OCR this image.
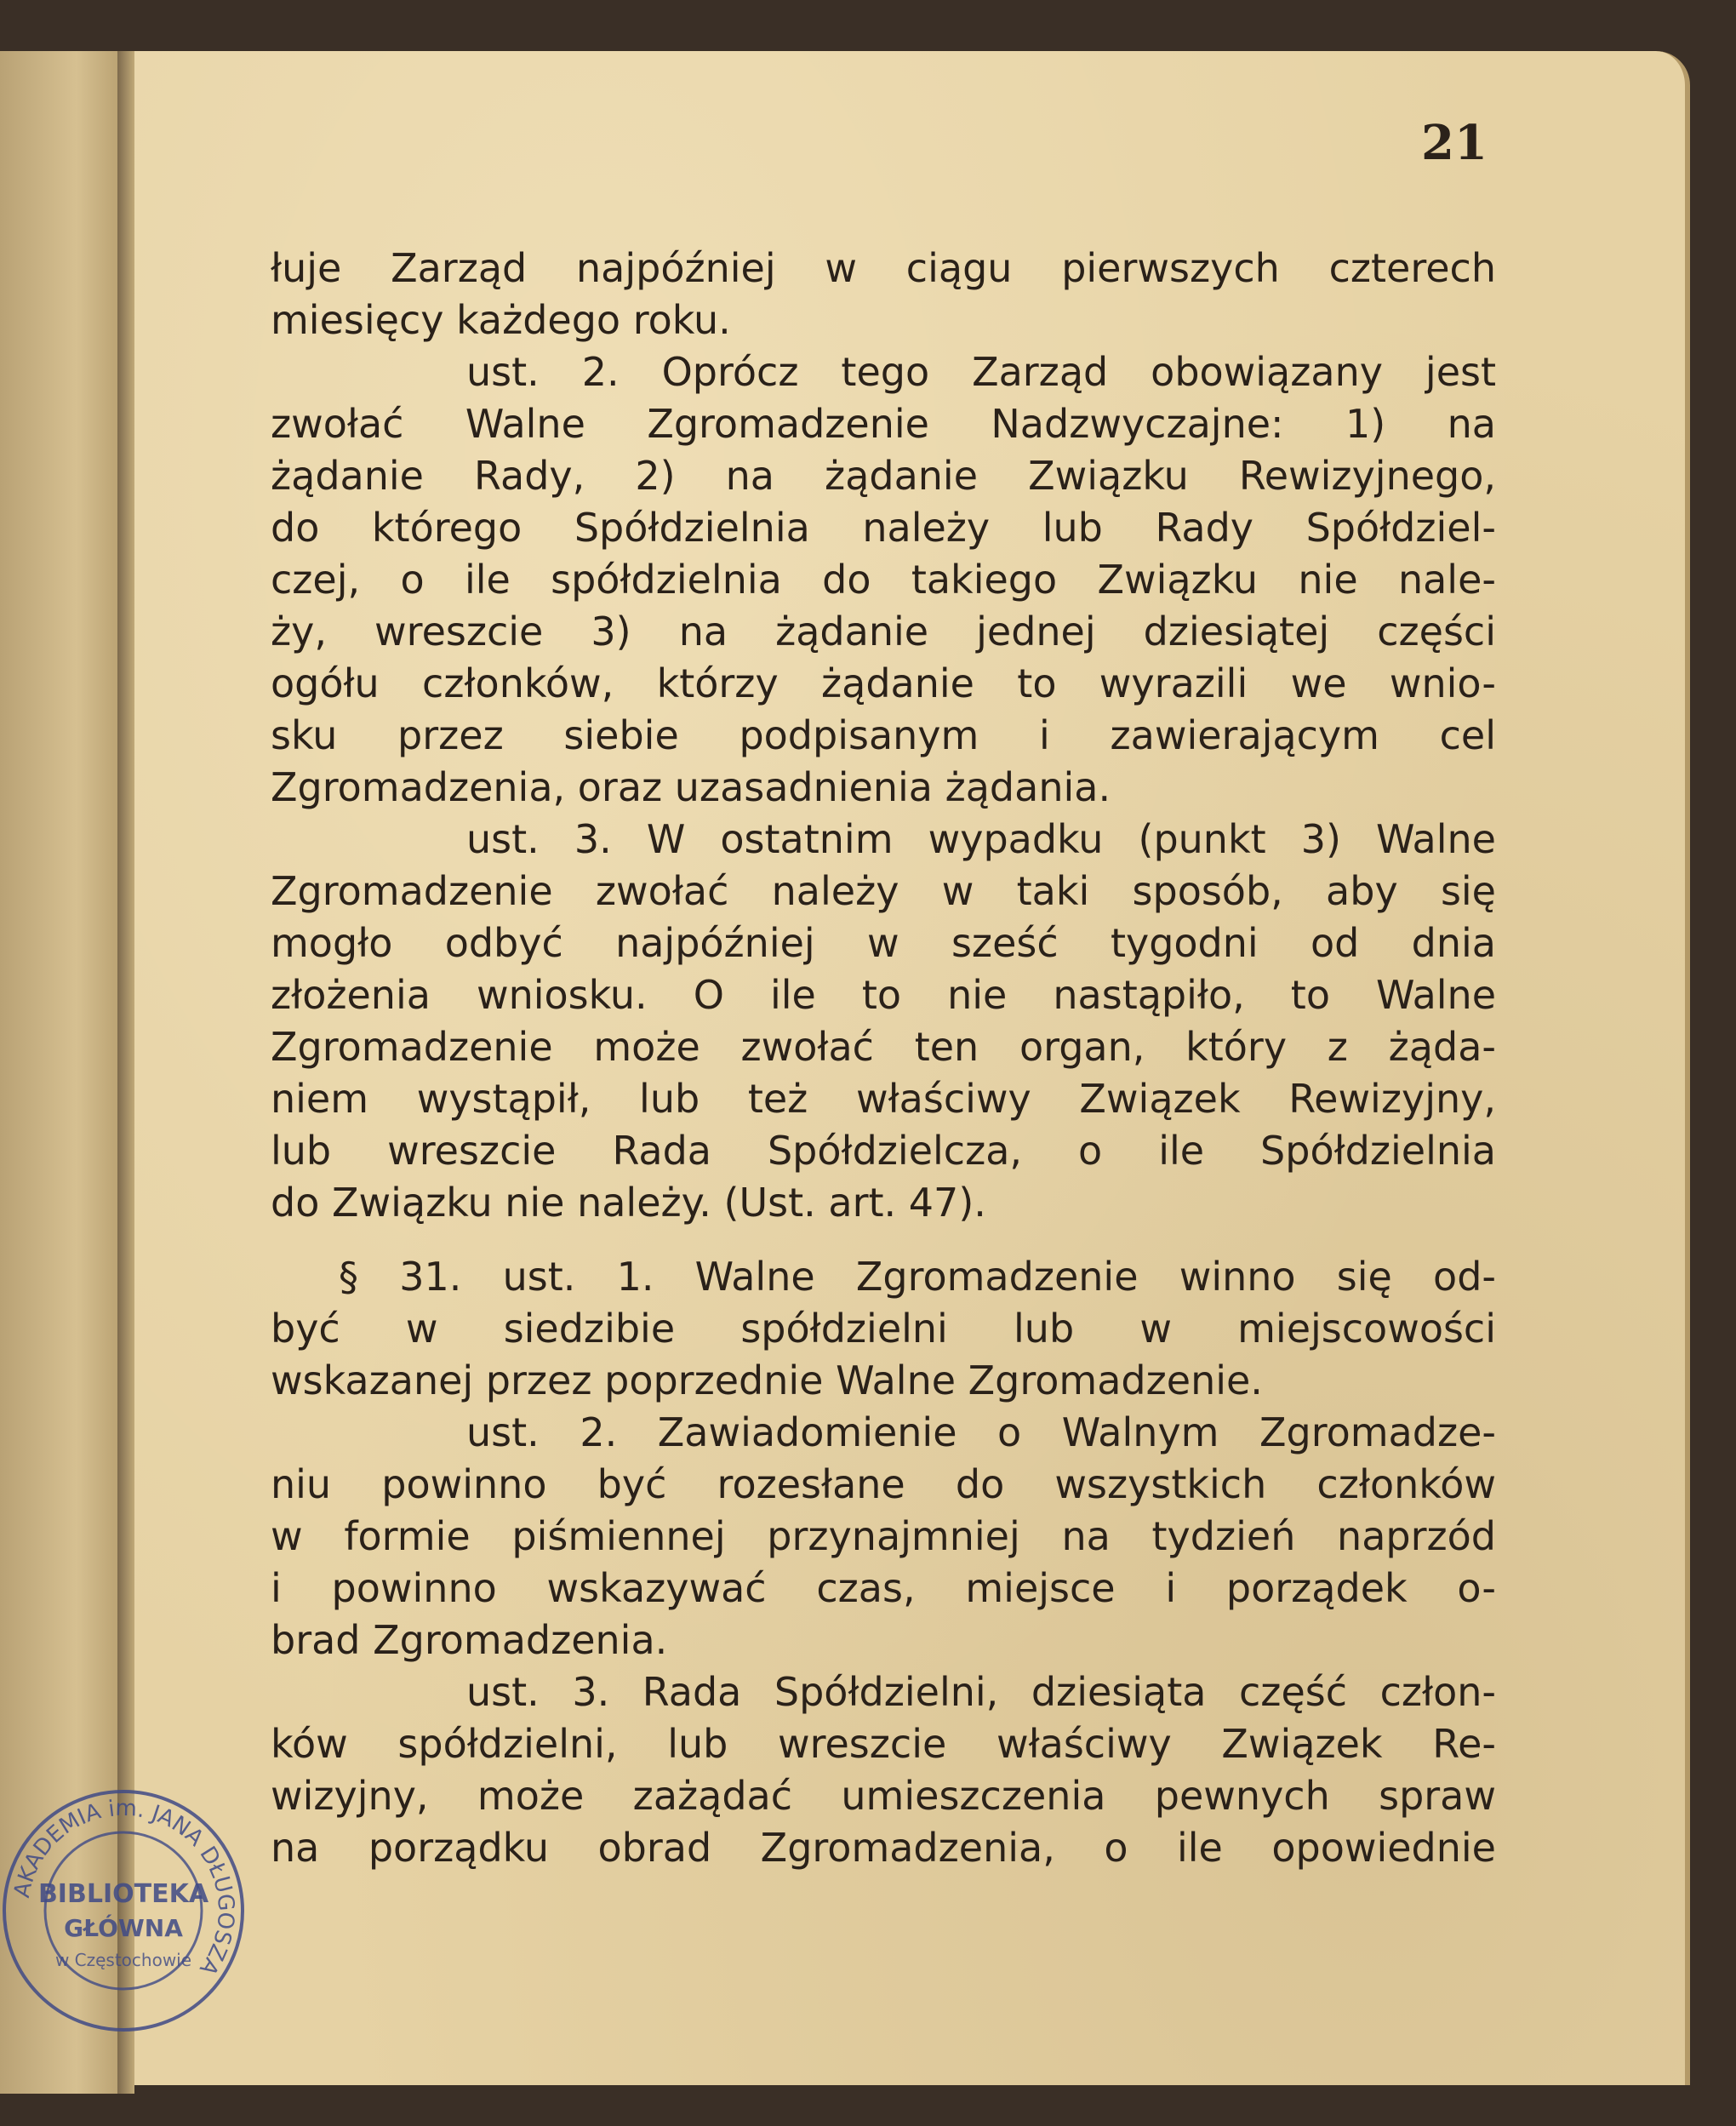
21
łuje Zarząd najpóźniej w ciągu pierwszych czterech
miesięcy każdego roku.
ust. 2. Oprócz tego Zarząd obowiązany jest
zwołać Walne Zgromadzenie Nadzwyczajne: 1) na
żądanie Rady, 2) na żądanie Związku Rewizyjnego,
do którego Spółdzielnia należy lub Rady Spółdziel-
czej, o ile spółdzielnia do takiego Związku nie nale-
ży, wreszcie 3) na żądanie jednej dziesiątej części
ogółu członków, którzy żądanie to wyrazili we wnio-
sku przez siebie podpisanym i zawierającym cel
Zgromadzenia, oraz uzasadnienia żądania.
ust. 3. W ostatnim wypadku (punkt 3) Walne
Zgromadzenie zwołać należy w taki sposób, aby się
mogło odbyć najpóźniej w sześć tygodni od dnia
złożenia wniosku. O ile to nie nastąpiło, to Walne
Zgromadzenie może zwołać ten organ, który z żąda-
niem wystąpił, lub też właściwy Związek Rewizyjny,
lub wreszcie Rada Spółdzielcza, o ile Spółdzielnia
do Związku nie należy. (Ust. art. 47).
§ 31. ust. 1. Walne Zgromadzenie winno się od-
być w siedzibie spółdzielni lub w miejscowości
wskazanej przez poprzednie Walne Zgromadzenie.
ust. 2. Zawiadomienie o Walnym Zgromadze-
niu powinno być rozesłane do wszystkich członków
w formie piśmiennej przynajmniej na tydzień naprzód
i powinno wskazywać czas, miejsce i porządek o-
brad Zgromadzenia.
ust. 3. Rada Spółdzielni, dziesiąta część człon-
ków spółdzielni, lub wreszcie właściwy Związek Re-
wizyjny, może zażądać umieszczenia pewnych spraw
na porządku obrad Zgromadzenia, o ile opowiednie
AKADEMIA im. JANA DŁUGOSZA
BIBLIOTEKA
GŁÓWNA
w Częstochowie
